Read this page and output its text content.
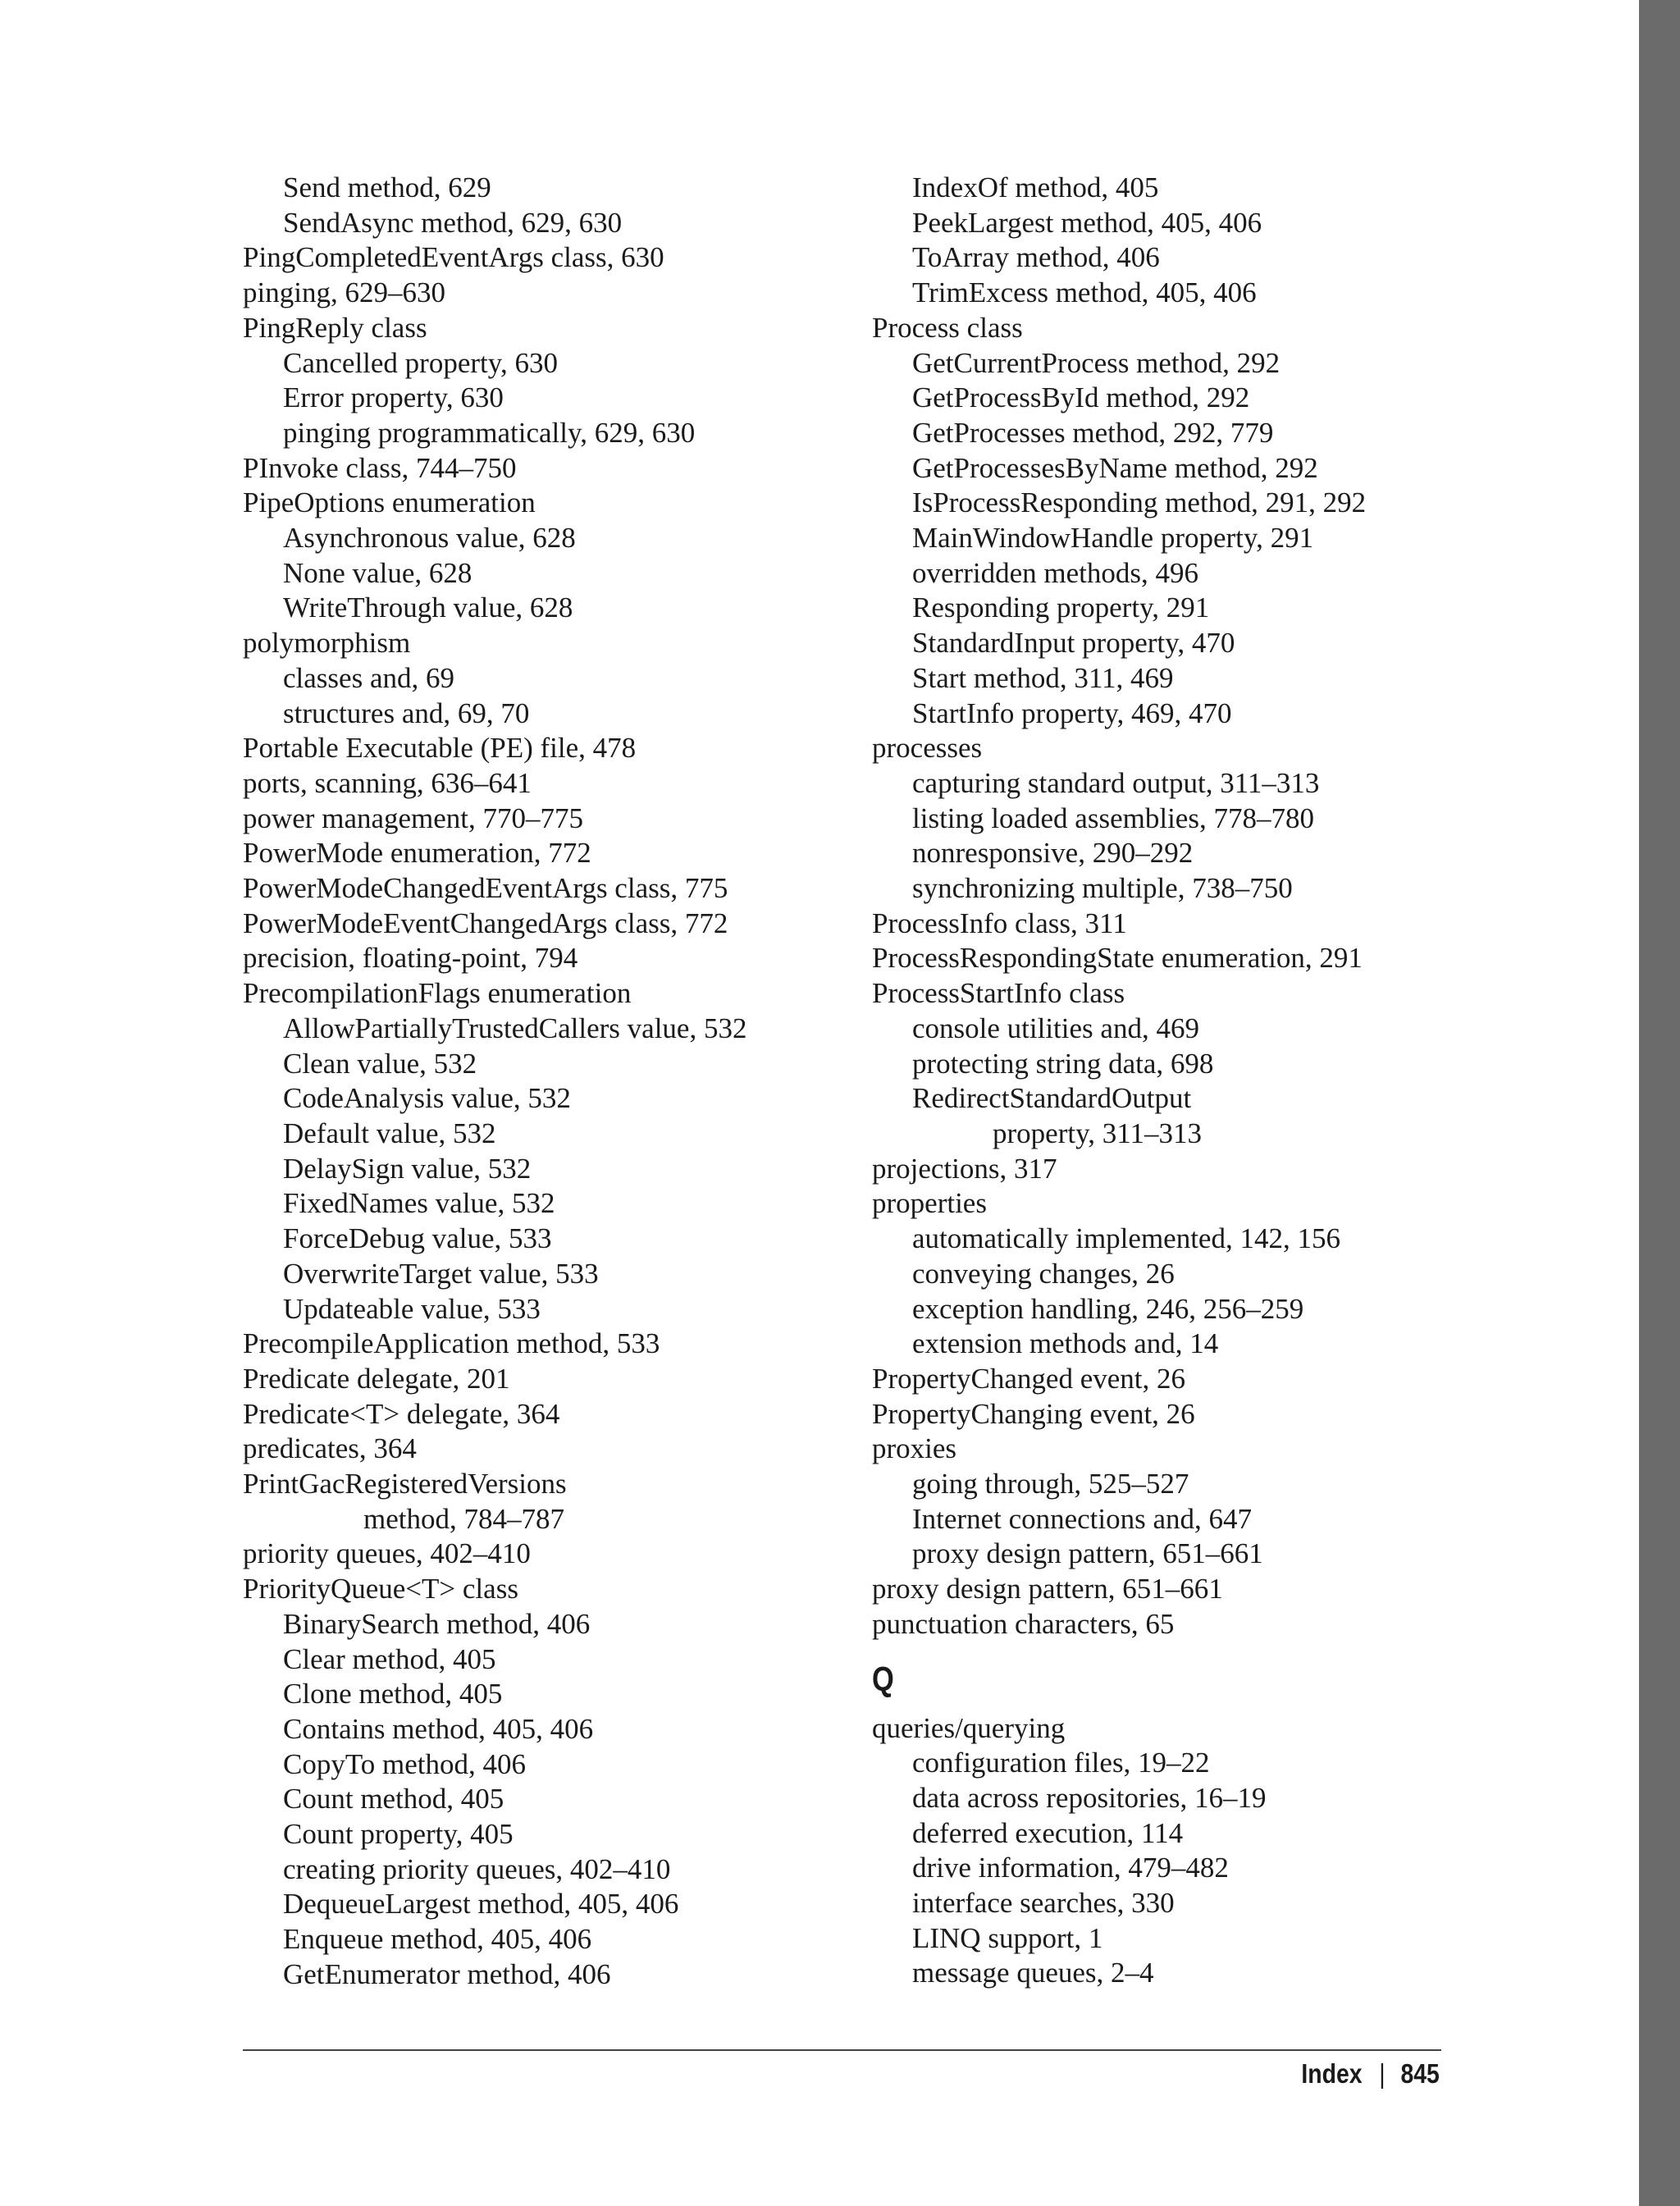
Send method, 629
SendAsync method, 629, 630
PingCompletedEventArgs class, 630
pinging, 629–630
PingReply class
Cancelled property, 630
Error property, 630
pinging programmatically, 629, 630
PInvoke class, 744–750
PipeOptions enumeration
Asynchronous value, 628
None value, 628
WriteThrough value, 628
polymorphism
classes and, 69
structures and, 69, 70
Portable Executable (PE) file, 478
ports, scanning, 636–641
power management, 770–775
PowerMode enumeration, 772
PowerModeChangedEventArgs class, 775
PowerModeEventChangedArgs class, 772
precision, floating-point, 794
PrecompilationFlags enumeration
AllowPartiallyTrustedCallers value, 532
Clean value, 532
CodeAnalysis value, 532
Default value, 532
DelaySign value, 532
FixedNames value, 532
ForceDebug value, 533
OverwriteTarget value, 533
Updateable value, 533
PrecompileApplication method, 533
Predicate delegate, 201
Predicate<T> delegate, 364
predicates, 364
PrintGacRegisteredVersions
method, 784–787
priority queues, 402–410
PriorityQueue<T> class
BinarySearch method, 406
Clear method, 405
Clone method, 405
Contains method, 405, 406
CopyTo method, 406
Count method, 405
Count property, 405
creating priority queues, 402–410
DequeueLargest method, 405, 406
Enqueue method, 405, 406
GetEnumerator method, 406
IndexOf method, 405
PeekLargest method, 405, 406
ToArray method, 406
TrimExcess method, 405, 406
Process class
GetCurrentProcess method, 292
GetProcessById method, 292
GetProcesses method, 292, 779
GetProcessesByName method, 292
IsProcessResponding method, 291, 292
MainWindowHandle property, 291
overridden methods, 496
Responding property, 291
StandardInput property, 470
Start method, 311, 469
StartInfo property, 469, 470
processes
capturing standard output, 311–313
listing loaded assemblies, 778–780
nonresponsive, 290–292
synchronizing multiple, 738–750
ProcessInfo class, 311
ProcessRespondingState enumeration, 291
ProcessStartInfo class
console utilities and, 469
protecting string data, 698
RedirectStandardOutput
property, 311–313
projections, 317
properties
automatically implemented, 142, 156
conveying changes, 26
exception handling, 246, 256–259
extension methods and, 14
PropertyChanged event, 26
PropertyChanging event, 26
proxies
going through, 525–527
Internet connections and, 647
proxy design pattern, 651–661
proxy design pattern, 651–661
punctuation characters, 65
Q
queries/querying
configuration files, 19–22
data across repositories, 16–19
deferred execution, 114
drive information, 479–482
interface searches, 330
LINQ support, 1
message queues, 2–4
Index | 845
